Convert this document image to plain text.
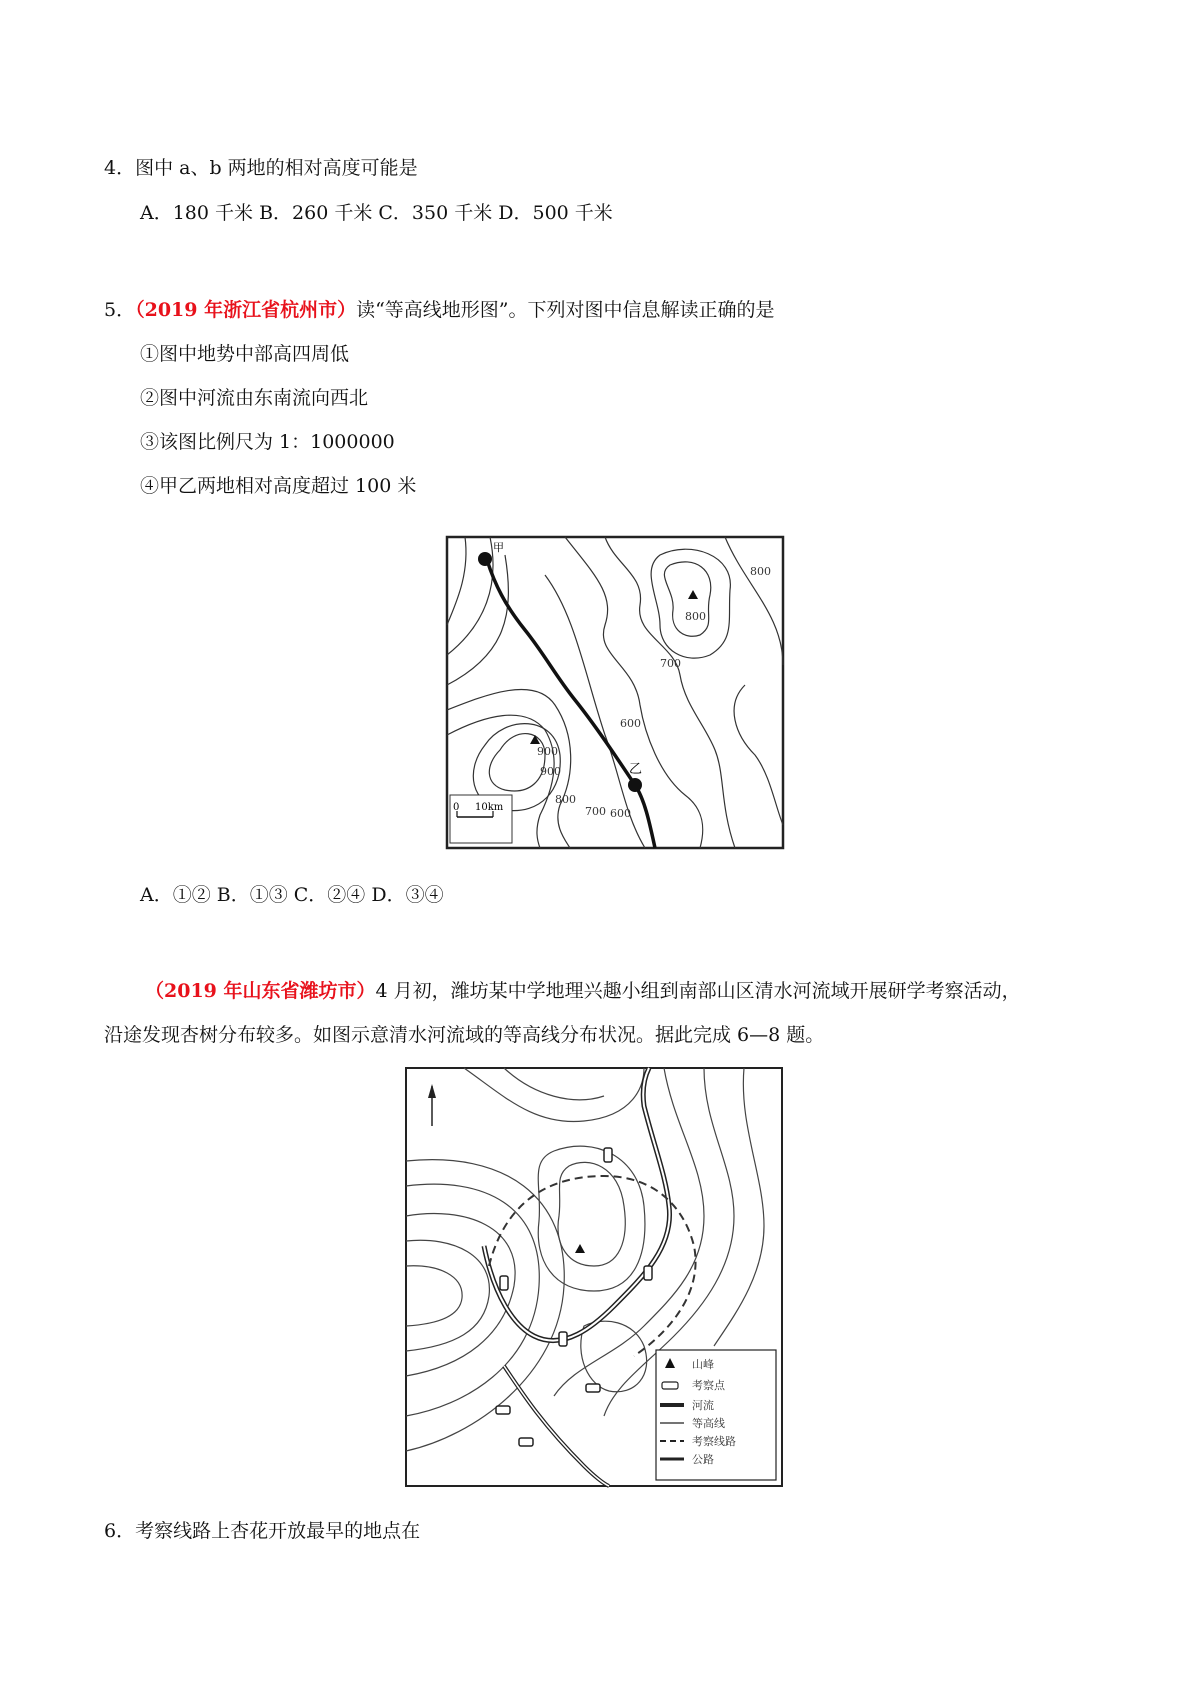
4．图中 a、b 两地的相对高度可能是
A．180 千米 B．260 千米 C．350 千米 D．500 千米
5．（2019 年浙江省杭州市）读“等高线地形图”。下列对图中信息解读正确的是
①图中地势中部高四周低
②图中河流由东南流向西北
③该图比例尺为 1：1000000
④甲乙两地相对高度超过 100 米
甲
乙
800
800
700
600
900
900
800
700 600
0 10km
A．①② B．①③ C．②④ D．③④
（2019 年山东省潍坊市）4 月初，潍坊某中学地理兴趣小组到南部山区清水河流域开展研学考察活动，
沿途发现杏树分布较多。如图示意清水河流域的等高线分布状况。据此完成 6—8 题。
山峰
考察点
河流
等高线
考察线路
公路
6．考察线路上杏花开放最早的地点在
